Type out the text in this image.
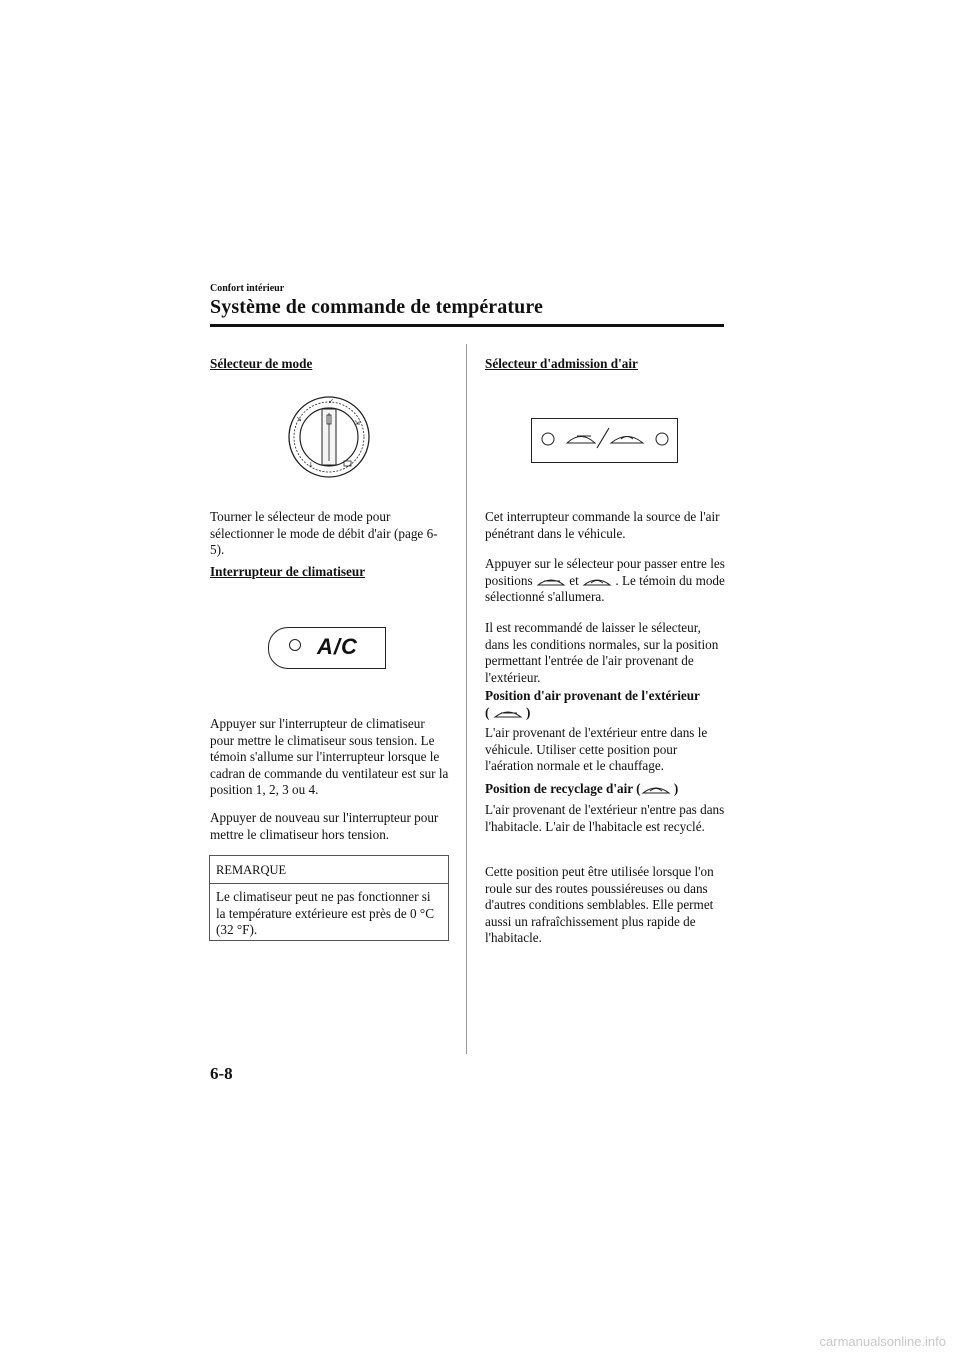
Confort intérieur
Système de commande de température
Sélecteur de mode
↙
↘	⇲
↓
Tourner le sélecteur de mode pour sélectionner le mode de débit d'air (page 6-5).
Interrupteur de climatiseur
A/C
Appuyer sur l'interrupteur de climatiseur pour mettre le climatiseur sous tension. Le témoin s'allume sur l'interrupteur lorsque le cadran de commande du ventilateur est sur la position 1, 2, 3 ou 4.
Appuyer de nouveau sur l'interrupteur pour mettre le climatiseur hors tension.
REMARQUE
Le climatiseur peut ne pas fonctionner si la température extérieure est près de 0 °C (32 °F).
Sélecteur d'admission d'air
Cet interrupteur commande la source de l'air pénétrant dans le véhicule.
Appuyer sur le sélecteur pour passer entre les positions	et	. Le témoin du mode sélectionné s'allumera.
Il est recommandé de laisser le sélecteur, dans les conditions normales, sur la position permettant l'entrée de l'air provenant de l'extérieur.
Position d'air provenant de l'extérieur
(	)
L'air provenant de l'extérieur entre dans le véhicule. Utiliser cette position pour l'aération normale et le chauffage.
Position de recyclage d'air (	)
L'air provenant de l'extérieur n'entre pas dans l'habitacle. L'air de l'habitacle est recyclé.
Cette position peut être utilisée lorsque l'on roule sur des routes poussiéreuses ou dans d'autres conditions semblables. Elle permet aussi un rafraîchissement plus rapide de l'habitacle.
6-8
carmanualsonline.info
